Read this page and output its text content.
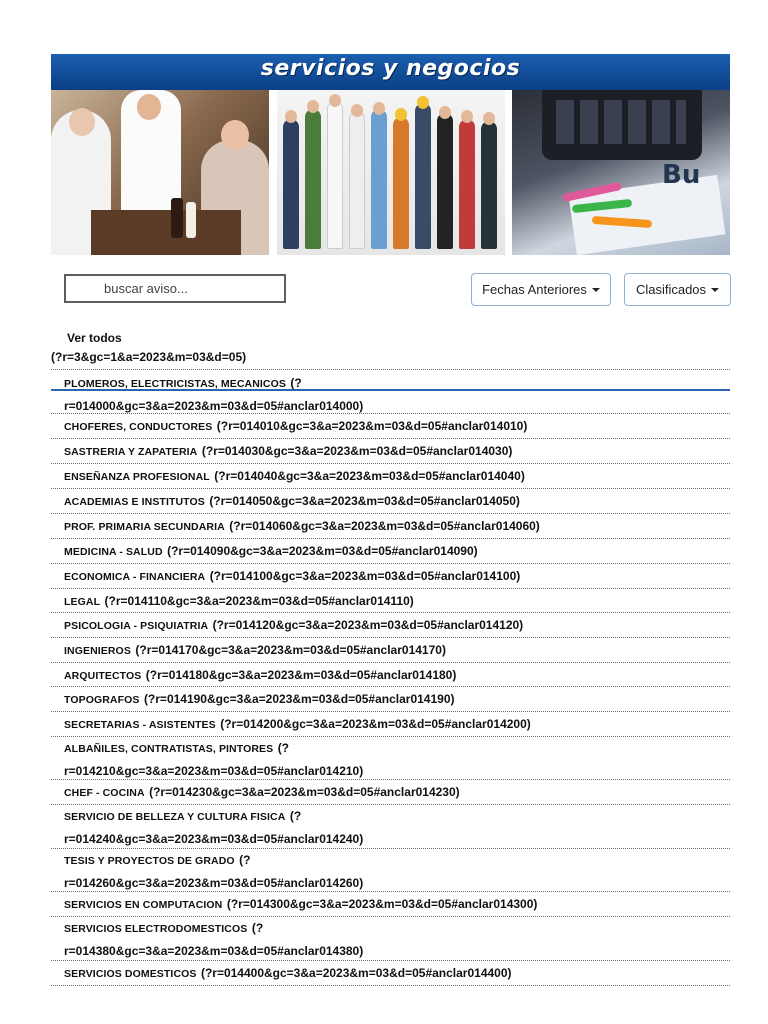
servicios y negocios
Bu
buscar aviso...
Fechas Anteriores	Clasificados
Ver todos
(?r=3&gc=1&a=2023&m=03&d=05)
PLOMEROS, ELECTRICISTAS, MECANICOS (?
r=014000&gc=3&a=2023&m=03&d=05#anclar014000)
CHOFERES, CONDUCTORES (?r=014010&gc=3&a=2023&m=03&d=05#anclar014010)
SASTRERIA Y ZAPATERIA (?r=014030&gc=3&a=2023&m=03&d=05#anclar014030)
ENSEÑANZA PROFESIONAL (?r=014040&gc=3&a=2023&m=03&d=05#anclar014040)
ACADEMIAS E INSTITUTOS (?r=014050&gc=3&a=2023&m=03&d=05#anclar014050)
PROF. PRIMARIA SECUNDARIA (?r=014060&gc=3&a=2023&m=03&d=05#anclar014060)
MEDICINA - SALUD (?r=014090&gc=3&a=2023&m=03&d=05#anclar014090)
ECONOMICA - FINANCIERA (?r=014100&gc=3&a=2023&m=03&d=05#anclar014100)
LEGAL (?r=014110&gc=3&a=2023&m=03&d=05#anclar014110)
PSICOLOGIA - PSIQUIATRIA (?r=014120&gc=3&a=2023&m=03&d=05#anclar014120)
INGENIEROS (?r=014170&gc=3&a=2023&m=03&d=05#anclar014170)
ARQUITECTOS (?r=014180&gc=3&a=2023&m=03&d=05#anclar014180)
TOPOGRAFOS (?r=014190&gc=3&a=2023&m=03&d=05#anclar014190)
SECRETARIAS - ASISTENTES (?r=014200&gc=3&a=2023&m=03&d=05#anclar014200)
ALBAÑILES, CONTRATISTAS, PINTORES (?
r=014210&gc=3&a=2023&m=03&d=05#anclar014210)
CHEF - COCINA (?r=014230&gc=3&a=2023&m=03&d=05#anclar014230)
SERVICIO DE BELLEZA Y CULTURA FISICA (?
r=014240&gc=3&a=2023&m=03&d=05#anclar014240)
TESIS Y PROYECTOS DE GRADO (?
r=014260&gc=3&a=2023&m=03&d=05#anclar014260)
SERVICIOS EN COMPUTACION (?r=014300&gc=3&a=2023&m=03&d=05#anclar014300)
SERVICIOS ELECTRODOMESTICOS (?
r=014380&gc=3&a=2023&m=03&d=05#anclar014380)
SERVICIOS DOMESTICOS (?r=014400&gc=3&a=2023&m=03&d=05#anclar014400)
